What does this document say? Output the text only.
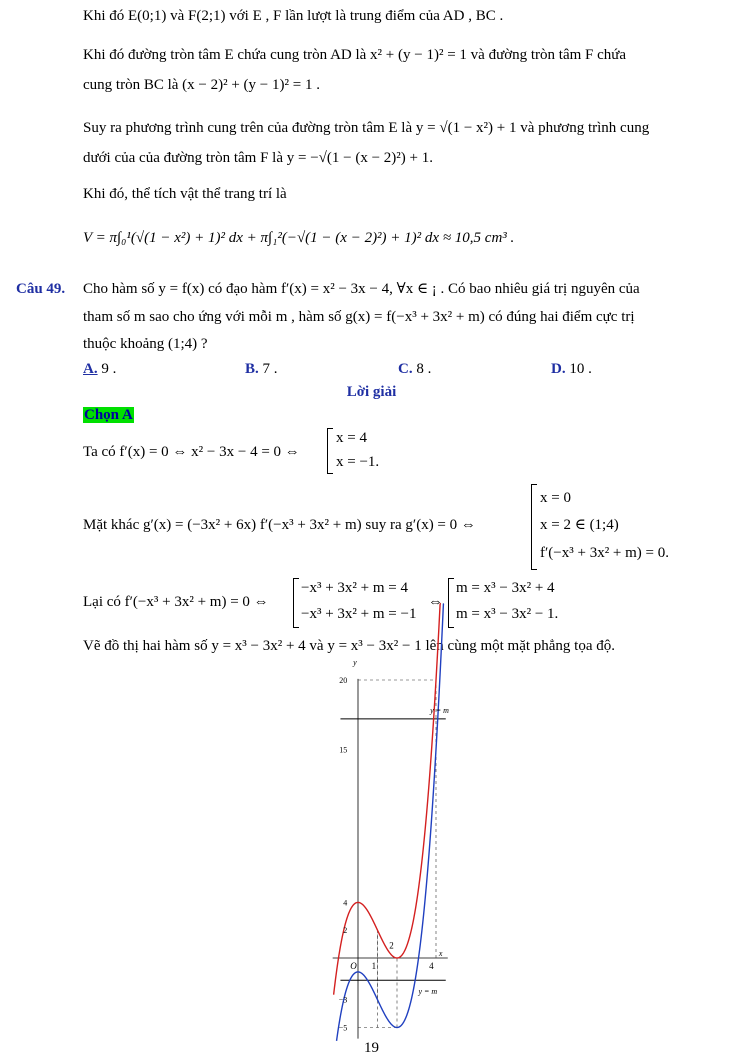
Khi đó E(0;1) và F(2;1) với E , F lần lượt là trung điểm của AD , BC .
Khi đó đường tròn tâm E chứa cung tròn AD là x² + (y − 1)² = 1 và đường tròn tâm F chứa
cung tròn BC là (x − 2)² + (y − 1)² = 1 .
Suy ra phương trình cung trên của đường tròn tâm E là y = √(1 − x²) + 1 và phương trình cung
dưới của của đường tròn tâm F là y = −√(1 − (x − 2)²) + 1.
Khi đó, thể tích vật thể trang trí là
V = π∫₀¹(√(1 − x²) + 1)² dx + π∫₁²(−√(1 − (x − 2)²) + 1)² dx ≈ 10,5 cm³ .
Câu 49. Cho hàm số y = f(x) có đạo hàm f′(x) = x² − 3x − 4, ∀x ∈ ¡ . Có bao nhiêu giá trị nguyên của
tham số m sao cho ứng với mỗi m , hàm số g(x) = f(−x³ + 3x² + m) có đúng hai điểm cực trị
thuộc khoảng (1;4) ?
A. 9 .	B. 7 .	C. 8 .	D. 10 .
Lời giải
Chọn A
Ta có f′(x) = 0 ⇔ x² − 3x − 4 = 0 ⇔
x = 4
x = −1.
Mặt khác g′(x) = (−3x² + 6x) f′(−x³ + 3x² + m) suy ra g′(x) = 0 ⇔
x = 0
x = 2 ∈ (1;4)
f′(−x³ + 3x² + m) = 0.
Lại có f′(−x³ + 3x² + m) = 0 ⇔
−x³ + 3x² + m = 4
−x³ + 3x² + m = −1
⇔
m = x³ − 3x² + 4
m = x³ − 3x² − 1.
Vẽ đồ thị hai hàm số y = x³ − 3x² + 4 và y = x³ − 3x² − 1 lên cùng một mặt phẳng tọa độ.
y = m
y = m
O 1
2
4
20
15
4
2
−3
−5
x
y
19
